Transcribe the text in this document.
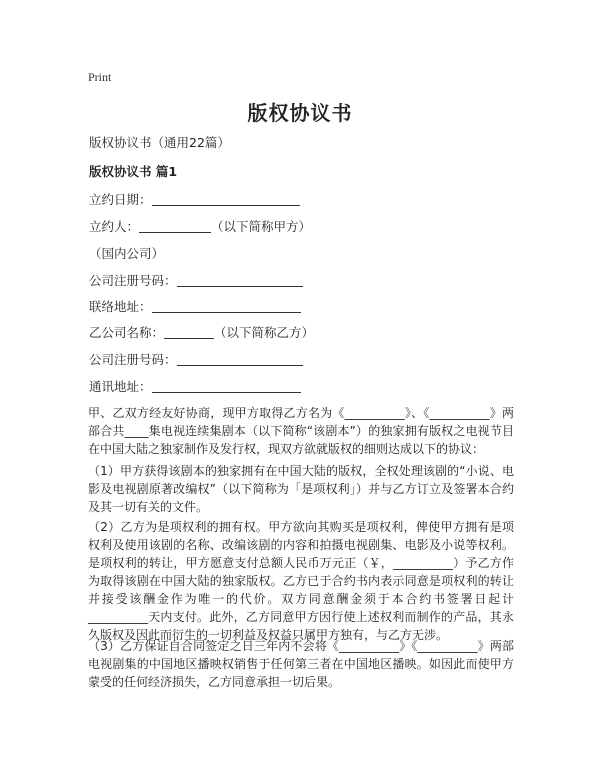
Print
版权协议书
版权协议书（通用22篇）
版权协议书 篇1
立约日期：
立约人：	（以下简称甲方）
（国内公司）
公司注册号码：
联络地址：
乙公司名称：	（以下简称乙方）
公司注册号码：
通讯地址：
甲、乙双方经友好协商，现甲方取得乙方名为《__________》、《__________》两部合共____集电视连续集剧本（以下简称“该剧本”）的独家拥有版权之电视节目在中国大陆之独家制作及发行权，现双方欲就版权的细则达成以下的协议：
（1）甲方获得该剧本的独家拥有在中国大陆的版权，全权处理该剧的“小说、电影及电视剧原著改编权”（以下简称为「是项权利」）并与乙方订立及签署本合约及其一切有关的文件。
（2）乙方为是项权利的拥有权。甲方欲向其购买是项权利，俾使甲方拥有是项权利及使用该剧的名称、改编该剧的内容和拍摄电视剧集、电影及小说等权利。是项权利的转让，甲方愿意支付总额人民币万元正（￥，__________）予乙方作为取得该剧在中国大陆的独家版权。乙方已于合约书内表示同意是项权利的转让并接受该酬金作为唯一的代价。双方同意酬金须于本合约书签署日起计__________天内支付。此外，乙方同意甲方因行使上述权利而制作的产品，其永久版权及因此而衍生的一切利益及权益只属甲方独有，与乙方无涉。
（3）乙方保证自合同签定之日三年内不会将《__________》《__________》两部电视剧集的中国地区播映权销售于任何第三者在中国地区播映。如因此而使甲方蒙受的任何经济损失，乙方同意承担一切后果。
